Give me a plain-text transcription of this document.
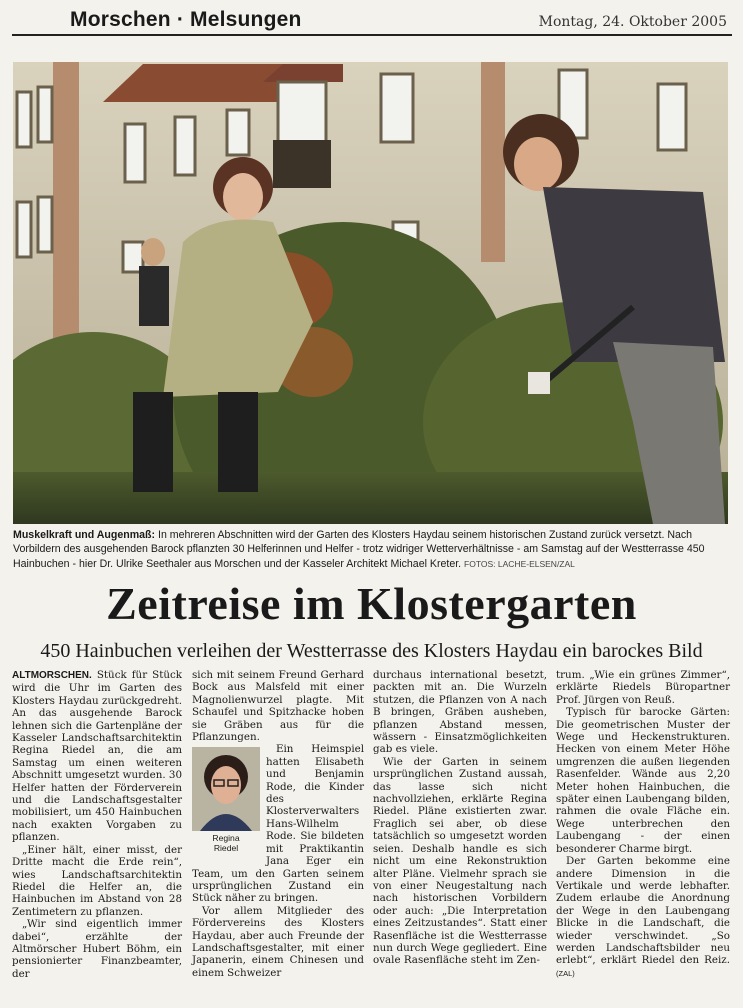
Morschen · Melsungen	Montag, 24. Oktober 2005
Muskelkraft und Augenmaß: In mehreren Abschnitten wird der Garten des Klosters Haydau seinem historischen Zustand zurück versetzt. Nach Vorbildern des ausgehenden Barock pflanzten 30 Helferinnen und Helfer - trotz widriger Wetterverhältnisse - am Samstag auf der Westterrasse 450 Hainbuchen - hier Dr. Ulrike Seethaler aus Morschen und der Kasseler Architekt Michael Kreter. FOTOS: LACHE-ELSEN/ZAL
Zeitreise im Klostergarten
450 Hainbuchen verleihen der Westterrasse des Klosters Haydau ein barockes Bild

ALTMORSCHEN. Stück für Stück wird die Uhr im Garten des Klosters Haydau zurückgedreht. An das ausgehende Barock lehnen sich die Gartenpläne der Kasseler Landschaftsarchitektin Regina Riedel an, die am Samstag um einen weiteren Abschnitt umgesetzt wurden. 30 Helfer hatten der Förderverein und die Landschaftsgestalter mobilisiert, um 450 Hainbuchen nach exakten Vorgaben zu pflanzen.

„Einer hält, einer misst, der Dritte macht die Erde rein“, wies Landschaftsarchitektin Riedel die Helfer an, die Hainbuchen im Abstand von 28 Zentimetern zu pflanzen.

„Wir sind eigentlich immer dabei“, erzählte der Altmörscher Hubert Böhm, ein pensionierter Finanzbeamter, der

sich mit seinem Freund Gerhard Bock aus Malsfeld mit einer Magnolienwurzel plagte. Mit Schaufel und Spitzhacke hoben sie Gräben aus für die Pflanzungen.

Regina
Riedel

Ein Heimspiel hatten Elisabeth und Benjamin Rode, die Kinder des Klosterverwalters Hans-Wilhelm Rode. Sie bildeten mit Praktikantin Jana Eger ein Team, um den Garten seinem ursprünglichen Zustand ein Stück näher zu bringen.

Vor allem Mitglieder des Fördervereins des Klosters Haydau, aber auch Freunde der Landschaftsgestalter, mit einer Japanerin, einem Chinesen und einem Schweizer

durchaus international besetzt, packten mit an. Die Wurzeln stutzen, die Pflanzen von A nach B bringen, Gräben ausheben, pflanzen Abstand messen, wässern - Einsatzmöglichkeiten gab es viele.

Wie der Garten in seinem ursprünglichen Zustand aussah, das lasse sich nicht nachvollziehen, erklärte Regina Riedel. Pläne existierten zwar. Fraglich sei aber, ob diese tatsächlich so umgesetzt worden seien. Deshalb handle es sich nicht um eine Rekonstruktion alter Pläne. Vielmehr sprach sie von einer Neugestaltung nach nach historischen Vorbildern oder auch: „Die Interpretation eines Zeitzustandes“. Statt einer Rasenfläche ist die Westterrasse nun durch Wege gegliedert. Eine ovale Rasenfläche steht im Zen-

trum. „Wie ein grünes Zimmer“, erklärte Riedels Büropartner Prof. Jürgen von Reuß.

Typisch für barocke Gärten: Die geometrischen Muster der Wege und Heckenstrukturen. Hecken von einem Meter Höhe umgrenzen die außen liegenden Rasenfelder. Wände aus 2,20 Meter hohen Hainbuchen, die später einen Laubengang bilden, rahmen die ovale Fläche ein. Wege unterbrechen den Laubengang - der einen besonderer Charme birgt.

Der Garten bekomme eine andere Dimension in die Vertikale und werde lebhafter. Zudem erlaube die Anordnung der Wege in den Laubengang Blicke in die Landschaft, die wieder verschwindet. „So werden Landschaftsbilder neu erlebt“, erklärt Riedel den Reiz. (ZAL)
